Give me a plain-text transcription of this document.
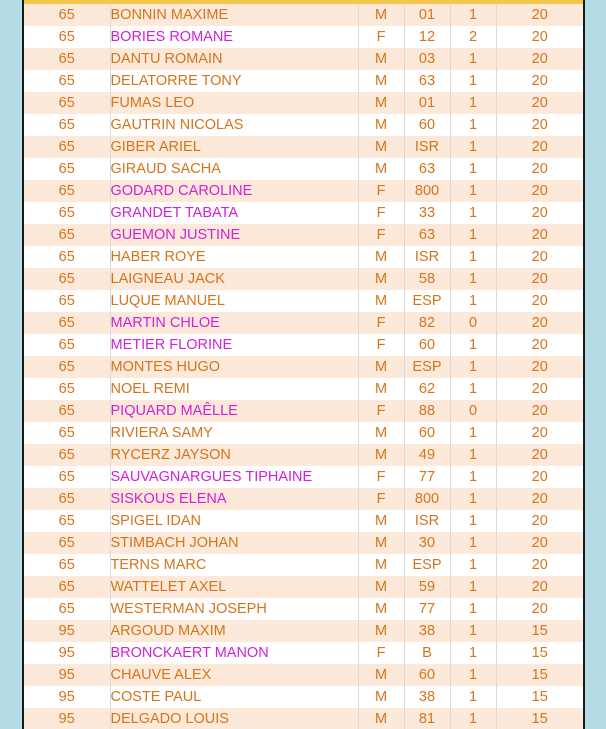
65	BONNIN MAXIME	M	01	1	20
65	BORIES ROMANE	F	12	2	20
65	DANTU ROMAIN	M	03	1	20
65	DELATORRE TONY	M	63	1	20
65	FUMAS LEO	M	01	1	20
65	GAUTRIN NICOLAS	M	60	1	20
65	GIBER ARIEL	M	ISR	1	20
65	GIRAUD SACHA	M	63	1	20
65	GODARD CAROLINE	F	800	1	20
65	GRANDET TABATA	F	33	1	20
65	GUEMON JUSTINE	F	63	1	20
65	HABER ROYE	M	ISR	1	20
65	LAIGNEAU JACK	M	58	1	20
65	LUQUE MANUEL	M	ESP	1	20
65	MARTIN CHLOE	F	82	0	20
65	METIER FLORINE	F	60	1	20
65	MONTES HUGO	M	ESP	1	20
65	NOEL REMI	M	62	1	20
65	PIQUARD MAÊLLE	F	88	0	20
65	RIVIERA SAMY	M	60	1	20
65	RYCERZ JAYSON	M	49	1	20
65	SAUVAGNARGUES TIPHAINE	F	77	1	20
65	SISKOUS ELENA	F	800	1	20
65	SPIGEL IDAN	M	ISR	1	20
65	STIMBACH JOHAN	M	30	1	20
65	TERNS MARC	M	ESP	1	20
65	WATTELET AXEL	M	59	1	20
65	WESTERMAN JOSEPH	M	77	1	20
95	ARGOUD MAXIM	M	38	1	15
95	BRONCKAERT MANON	F	B	1	15
95	CHAUVE ALEX	M	60	1	15
95	COSTE PAUL	M	38	1	15
95	DELGADO LOUIS	M	81	1	15
